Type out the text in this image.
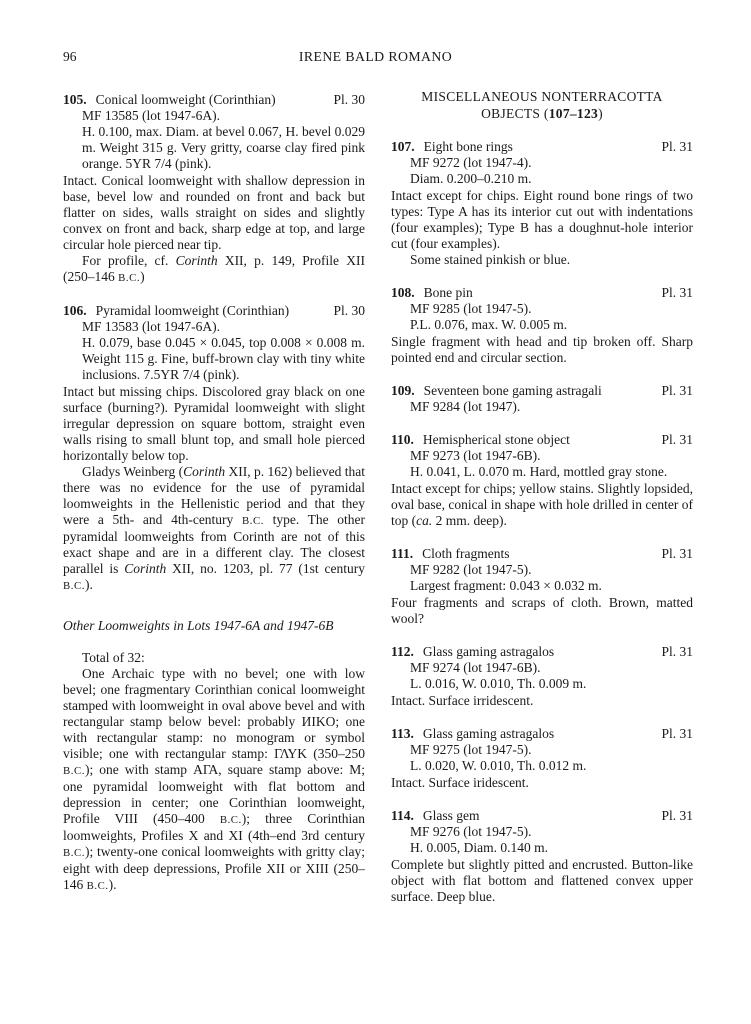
96	IRENE BALD ROMANO
105. Conical loomweight (Corinthian)	Pl. 30
MF 13585 (lot 1947-6A).
H. 0.100, max. Diam. at bevel 0.067, H. bevel 0.029 m. Weight 315 g. Very gritty, coarse clay fired pink orange. 5YR 7/4 (pink).
Intact. Conical loomweight with shallow depression in base, bevel low and rounded on front and back but flatter on sides, walls straight on sides and slightly convex on front and back, sharp edge at top, and large circular hole pierced near tip.
For profile, cf. Corinth XII, p. 149, Profile XII (250–146 B.C.)
106. Pyramidal loomweight (Corinthian)	Pl. 30
MF 13583 (lot 1947-6A).
H. 0.079, base 0.045 × 0.045, top 0.008 × 0.008 m. Weight 115 g. Fine, buff-brown clay with tiny white inclusions. 7.5YR 7/4 (pink).
Intact but missing chips. Discolored gray black on one surface (burning?). Pyramidal loomweight with slight irregular depression on square bottom, straight even walls rising to small blunt top, and small hole pierced horizontally below top.
Gladys Weinberg (Corinth XII, p. 162) believed that there was no evidence for the use of pyramidal loomweights in the Hellenistic period and that they were a 5th- and 4th-century B.C. type. The other pyramidal loomweights from Corinth are not of this exact shape and are in a different clay. The closest parallel is Corinth XII, no. 1203, pl. 77 (1st century B.C.).
Other Loomweights in Lots 1947-6A and 1947-6B
Total of 32:
One Archaic type with no bevel; one with low bevel; one fragmentary Corinthian conical loomweight stamped with loomweight in oval above bevel and with rectangular stamp below bevel: probably ИIKO; one with rectangular stamp: no monogram or symbol visible; one with rectangular stamp: ΓΛΥΚ (350–250 B.C.); one with stamp ΑΓΑ, square stamp above: M; one pyramidal loomweight with flat bottom and depression in center; one Corinthian loomweight, Profile VIII (450–400 B.C.); three Corinthian loomweights, Profiles X and XI (4th–end 3rd century B.C.); twenty-one conical loomweights with gritty clay; eight with deep depressions, Profile XII or XIII (250–146 B.C.).
MISCELLANEOUS NONTERRACOTTA
OBJECTS (107–123)
107. Eight bone rings	Pl. 31
MF 9272 (lot 1947-4).
Diam. 0.200–0.210 m.
Intact except for chips. Eight round bone rings of two types: Type A has its interior cut out with indentations (four examples); Type B has a doughnut-hole interior cut (four examples).
Some stained pinkish or blue.
108. Bone pin	Pl. 31
MF 9285 (lot 1947-5).
P.L. 0.076, max. W. 0.005 m.
Single fragment with head and tip broken off. Sharp pointed end and circular section.
109. Seventeen bone gaming astragali	Pl. 31
MF 9284 (lot 1947).
110. Hemispherical stone object	Pl. 31
MF 9273 (lot 1947-6B).
H. 0.041, L. 0.070 m. Hard, mottled gray stone.
Intact except for chips; yellow stains. Slightly lopsided, oval base, conical in shape with hole drilled in center of top (ca. 2 mm. deep).
111. Cloth fragments	Pl. 31
MF 9282 (lot 1947-5).
Largest fragment: 0.043 × 0.032 m.
Four fragments and scraps of cloth. Brown, matted wool?
112. Glass gaming astragalos	Pl. 31
MF 9274 (lot 1947-6B).
L. 0.016, W. 0.010, Th. 0.009 m.
Intact. Surface irridescent.
113. Glass gaming astragalos	Pl. 31
MF 9275 (lot 1947-5).
L. 0.020, W. 0.010, Th. 0.012 m.
Intact. Surface iridescent.
114. Glass gem	Pl. 31
MF 9276 (lot 1947-5).
H. 0.005, Diam. 0.140 m.
Complete but slightly pitted and encrusted. Button-like object with flat bottom and flattened convex upper surface. Deep blue.
